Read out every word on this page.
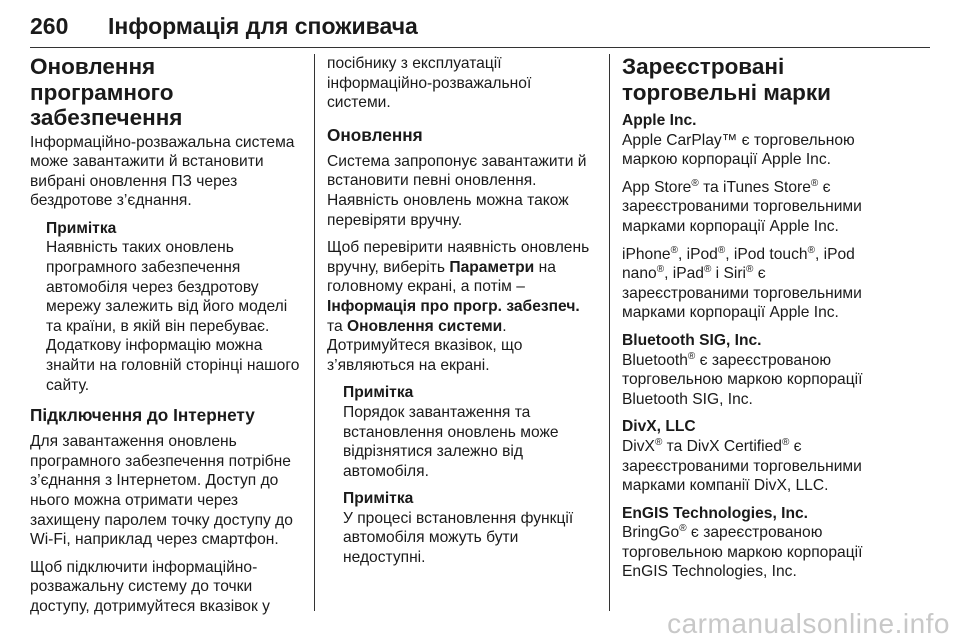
260	Інформація для споживача
Оновлення програмного забезпечення

Інформаційно-розважальна система може завантажити й встановити вибрані оновлення ПЗ через бездротове з’єднання.

Примітка
Наявність таких оновлень програмного забезпечення автомобіля через бездротову мережу залежить від його моделі та країни, в якій він перебуває. Додаткову інформацію можна знайти на головній сторінці нашого сайту.
Підключення до Інтернету

Для завантаження оновлень програмного забезпечення потрібне з’єднання з Інтернетом. Доступ до нього можна отримати через захищену паролем точку доступу до Wi-Fi, наприклад через смартфон.

Щоб підключити інформаційно-розважальну систему до точки доступу, дотримуйтеся вказівок у

посібнику з експлуатації інформаційно-розважальної системи.

Оновлення

Система запропонує завантажити й встановити певні оновлення. Наявність оновлень можна також перевіряти вручну.

Щоб перевірити наявність оновлень вручну, виберіть Параметри на головному екрані, а потім – Інформація про прогр. забезпеч. та Оновлення системи. Дотримуйтеся вказівок, що з’являються на екрані.

Примітка
Порядок завантаження та встановлення оновлень може відрізнятися залежно від автомобіля.
Примітка
У процесі встановлення функції автомобіля можуть бути недоступні.
Зареєстровані торговельні марки
Apple Inc.

Apple CarPlay™ є торговельною маркою корпорації Apple Inc.

App Store® та iTunes Store® є зареєстрованими торговельними марками корпорації Apple Inc.

iPhone®, iPod®, iPod touch®, iPod nano®, iPad® і Siri® є зареєстрованими торговельними марками корпорації Apple Inc.

Bluetooth SIG, Inc.

Bluetooth® є зареєстрованою торговельною маркою корпорації Bluetooth SIG, Inc.

DivX, LLC

DivX® та DivX Certified® є зареєстрованими торговельними марками компанії DivX, LLC.

EnGIS Technologies, Inc.

BringGo® є зареєстрованою торговельною маркою корпорації EnGIS Technologies, Inc.

carmanualsonline.info
